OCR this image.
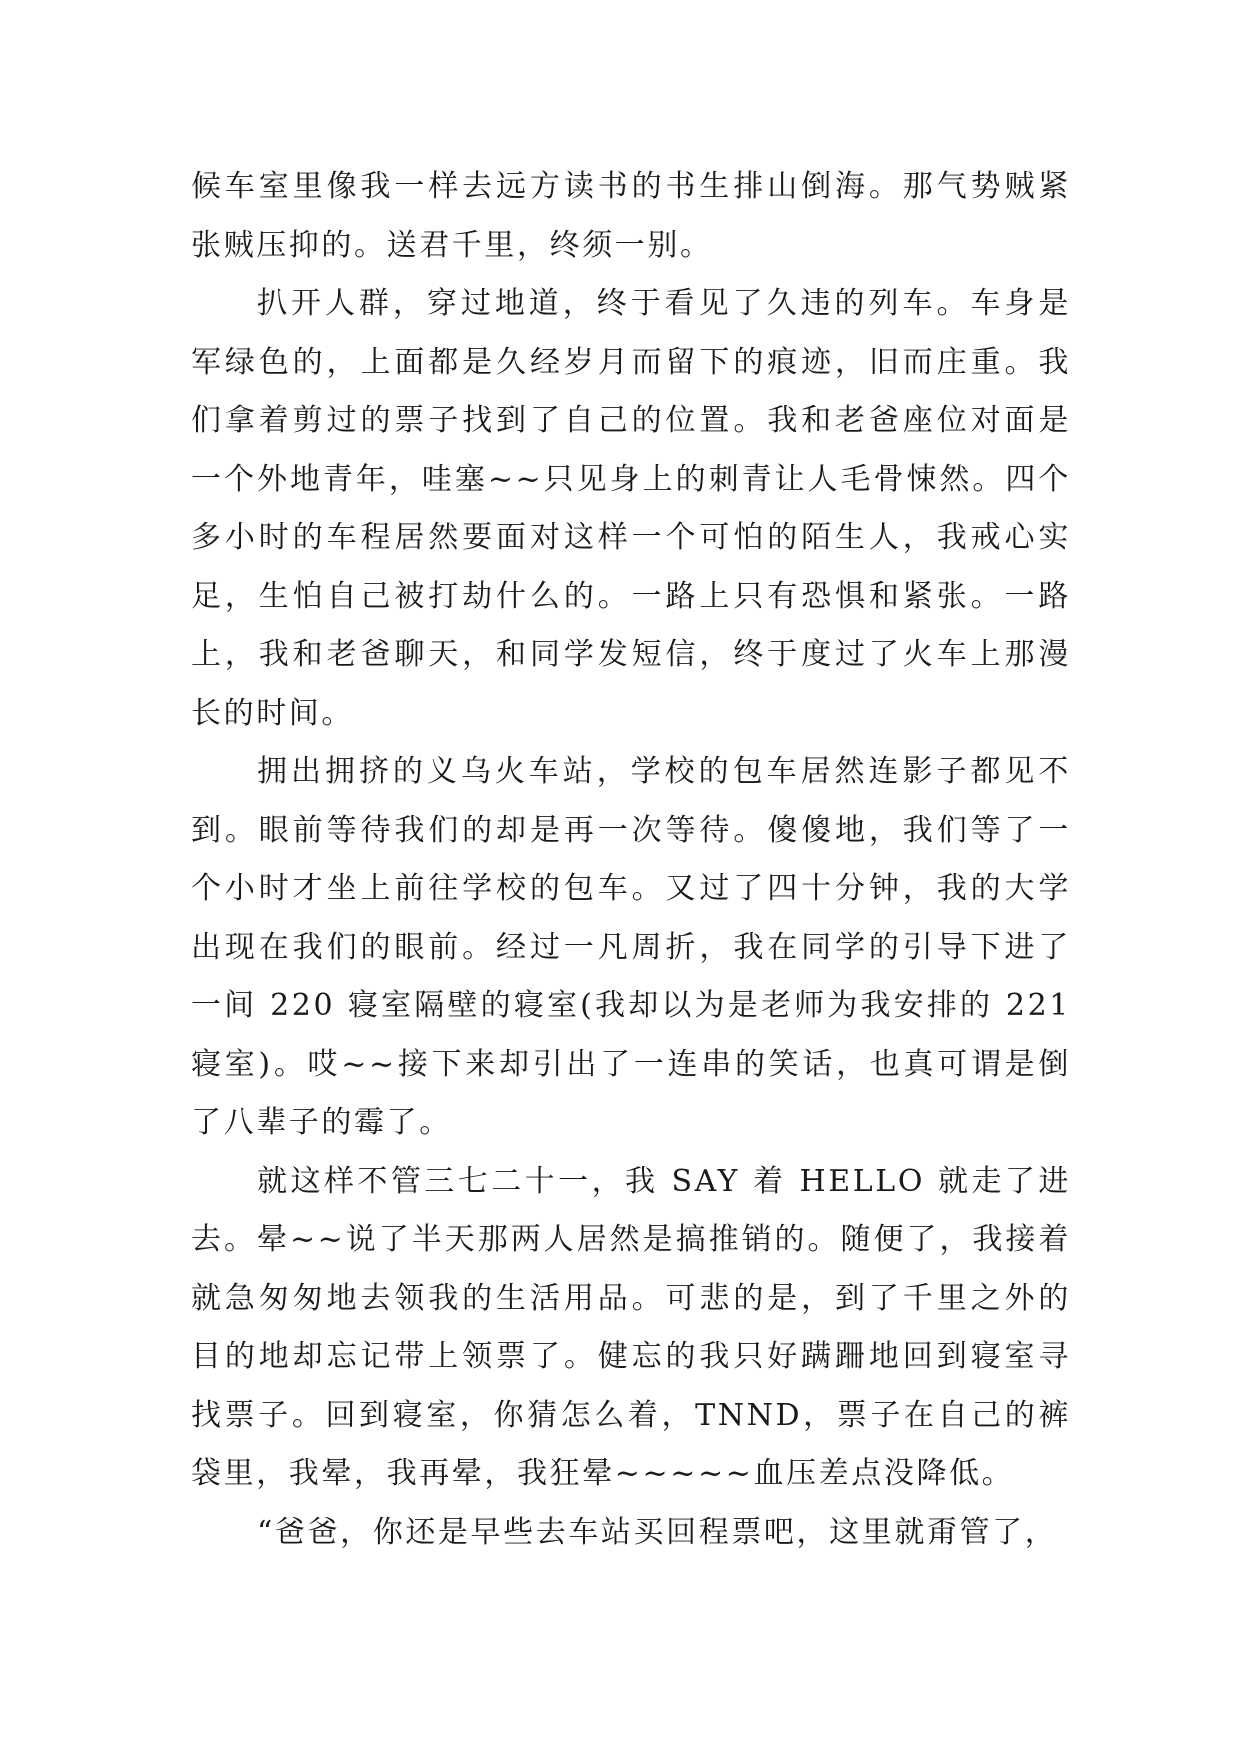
候车室里像我一样去远方读书的书生排山倒海。那气势贼紧张贼压抑的。送君千里，终须一别。

扒开人群，穿过地道，终于看见了久违的列车。车身是军绿色的，上面都是久经岁月而留下的痕迹，旧而庄重。我们拿着剪过的票子找到了自己的位置。我和老爸座位对面是一个外地青年，哇塞~~只见身上的刺青让人毛骨悚然。四个多小时的车程居然要面对这样一个可怕的陌生人，我戒心实足，生怕自己被打劫什么的。一路上只有恐惧和紧张。一路上，我和老爸聊天，和同学发短信，终于度过了火车上那漫长的时间。

拥出拥挤的义乌火车站，学校的包车居然连影子都见不到。眼前等待我们的却是再一次等待。傻傻地，我们等了一个小时才坐上前往学校的包车。又过了四十分钟，我的大学出现在我们的眼前。经过一凡周折，我在同学的引导下进了一间 220 寝室隔壁的寝室(我却以为是老师为我安排的 221 寝室)。哎~~接下来却引出了一连串的笑话，也真可谓是倒了八辈子的霉了。

就这样不管三七二十一，我 SAY 着 HELLO 就走了进去。晕~~说了半天那两人居然是搞推销的。随便了，我接着就急匆匆地去领我的生活用品。可悲的是，到了千里之外的目的地却忘记带上领票了。健忘的我只好蹒跚地回到寝室寻找票子。回到寝室，你猜怎么着，TNND，票子在自己的裤袋里，我晕，我再晕，我狂晕~~~~~血压差点没降低。

“爸爸，你还是早些去车站买回程票吧，这里就甭管了，
